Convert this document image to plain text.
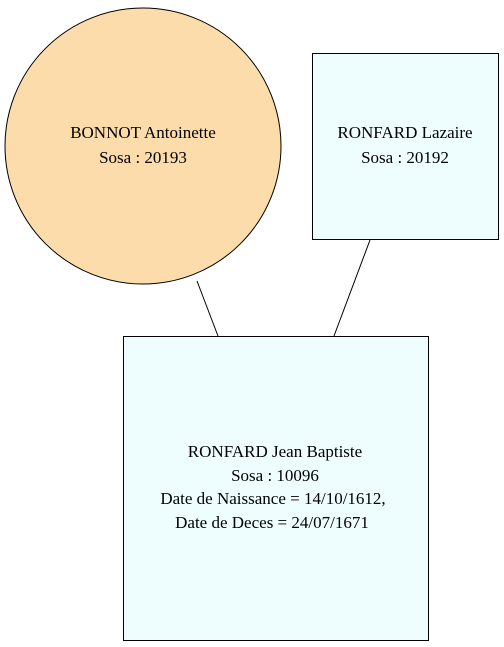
BONNOT Antoinette
Sosa : 20193
RONFARD Lazaire
Sosa : 20192
RONFARD Jean Baptiste
Sosa : 10096
Date de Naissance = 14/10/1612,
Date de Deces = 24/07/1671
